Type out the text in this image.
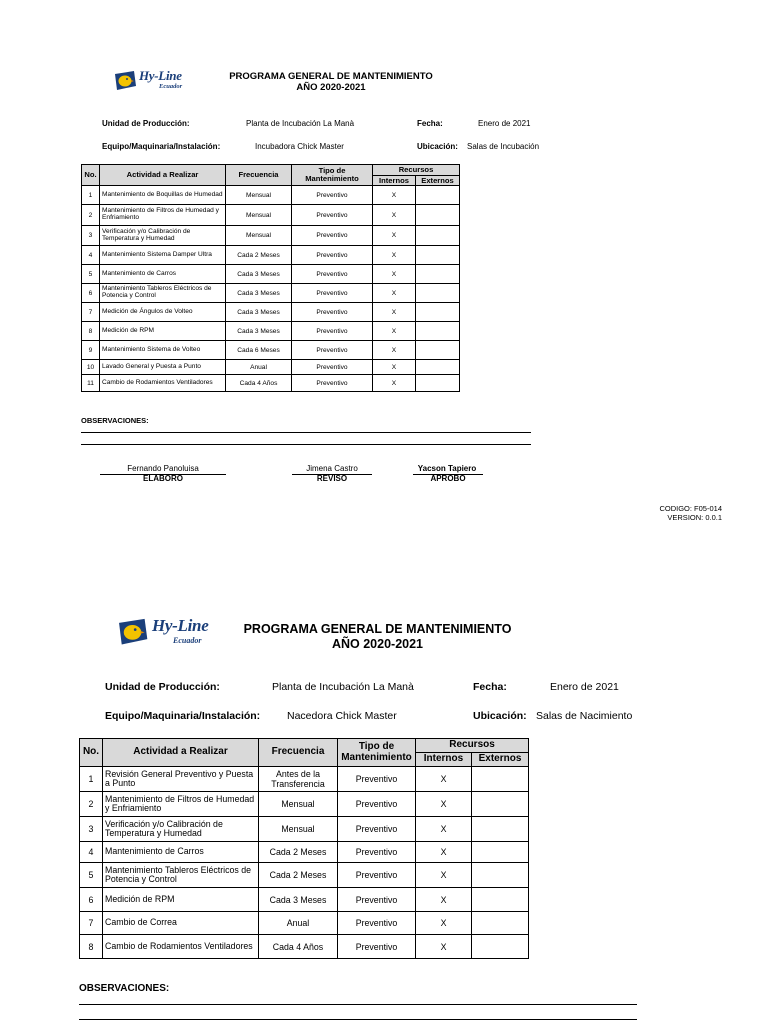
Hy-Line
Ecuador
PROGRAMA GENERAL DE MANTENIMIENTO
AÑO 2020-2021
Unidad de Producción:	Planta de Incubación La Manà	Fecha:	Enero de 2021
Equipo/Maquinaria/Instalación:	Incubadora Chick Master	Ubicación: Salas de Incubación
No.	Actividad a Realizar	Frecuencia	Tipo de Mantenimiento	Recursos	
				Internos	Externos
1	Mantenimiento de Boquillas de Humedad	Mensual	Preventivo	X	
2	Mantenimiento de Filtros de Humedad y Enfriamiento	Mensual	Preventivo	X	
3	Verificación y/o Calibración de Temperatura y Humedad	Mensual	Preventivo	X	
4	Mantenimiento Sistema Damper Ultra	Cada 2 Meses	Preventivo	X	
5	Mantenimiento de Carros	Cada 3 Meses	Preventivo	X	
6	Mantenimiento Tableros Eléctricos de Potencia y Control	Cada 3 Meses	Preventivo	X	
7	Medición de Ángulos de Volteo	Cada 3 Meses	Preventivo	X	
8	Medición de RPM	Cada 3 Meses	Preventivo	X	
9	Mantenimiento Sistema de Volteo	Cada 6 Meses	Preventivo	X	
10	Lavado General y Puesta a Punto	Anual	Preventivo	X	
11	Cambio de Rodamientos Ventiladores	Cada 4 Años	Preventivo	X	
OBSERVACIONES:
Fernando Panoluisa
ELABORO
Jimena Castro
REVISO
Yacson Tapiero
APROBO
CODIGO: F05-014
VERSION: 0.0.1
Hy-Line
Ecuador
PROGRAMA GENERAL DE MANTENIMIENTO
AÑO 2020-2021
Unidad de Producción:	Planta de Incubación La Manà	Fecha:	Enero de 2021
Equipo/Maquinaria/Instalación:	Nacedora Chick Master	Ubicación: Salas de Nacimiento
No.	Actividad a Realizar	Frecuencia	Tipo de Mantenimiento	Recursos	
				Internos	Externos
1	Revisión General Preventivo y Puesta a Punto	Antes de la Transferencia	Preventivo	X	
2	Mantenimiento de Filtros de Humedad y Enfriamiento	Mensual	Preventivo	X	
3	Verificación y/o Calibración de Temperatura y Humedad	Mensual	Preventivo	X	
4	Mantenimiento de Carros	Cada 2 Meses	Preventivo	X	
5	Mantenimiento Tableros Eléctricos de Potencia y Control	Cada 2 Meses	Preventivo	X	
6	Medición de RPM	Cada 3 Meses	Preventivo	X	
7	Cambio de Correa	Anual	Preventivo	X	
8	Cambio de Rodamientos Ventiladores	Cada 4 Años	Preventivo	X	
OBSERVACIONES:
